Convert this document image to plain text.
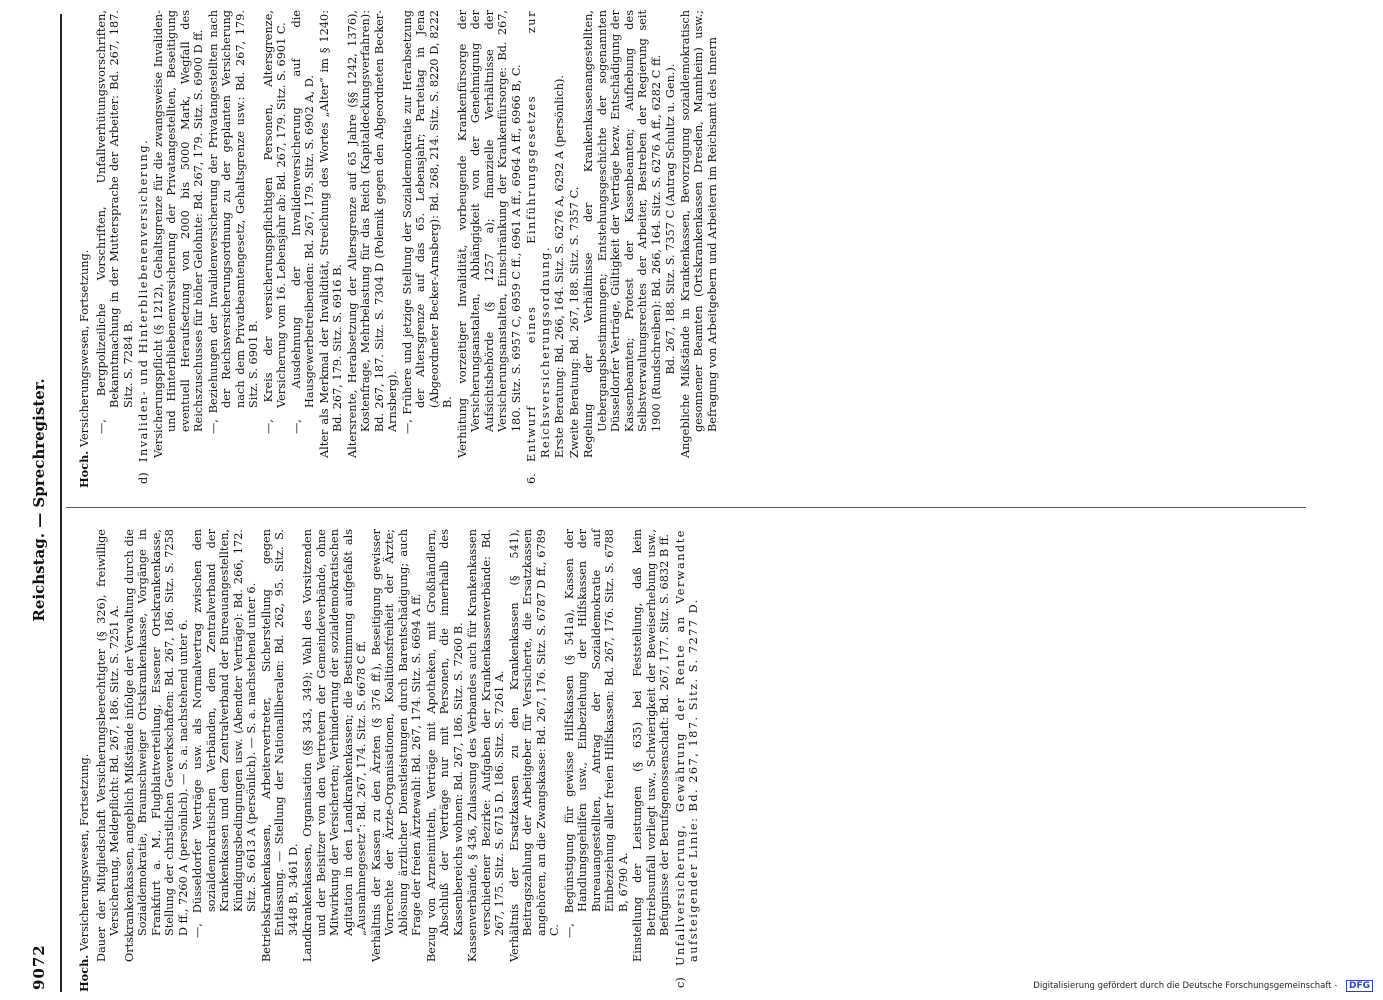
9072
Reichstag. — Sprechregister.
Hoch. Versicherungswesen, Fortsetzung. Dauer der Mitgliedschaft Versicherungsberechtigter (§ 326), freiwillige Versicherung, Meldepflicht: Bd. 267, 186. Sitz. S. 7251 A. Ortskrankenkassen, angeblich Mißstände infolge der Verwaltung durch die Sozialdemokratie, Braunschweiger Ortskrankenkasse, Vorgänge in Frankfurt a. M., Flugblattverteilung, Essener Ortskrankenkasse, Stellung der christlichen Gewerkschaften: Bd. 267, 186. Sitz. S. 7258 D ff., 7260 A (persönlich). — S. a. nachstehend unter 6. —, Düsseldorfer Verträge usw. als Normalvertrag zwischen den sozialdemokratischen Verbänden, dem Zentralverband der Krankenkassen und dem Zentralverband der Bureauangestellten, Kündigungsbedingungen usw. (Abendter Verträge): Bd. 266, 172. Sitz. S. 6613 A (persönlich). — S. a. nachstehend unter 6. Betriebskrankenkassen, Arbeitervertreter, Sicherstellung gegen Entlassung. — Stellung der Nationalliberalen: Bd. 262, 95. Sitz. S. 3448 B, 3461 D. Landkrankenkassen, Organisation (§§ 343, 349); Wahl des Vorsitzenden und der Beisitzer von den Vertretern der Gemeindeverbände, ohne Mitwirkung der Versicherten; Verhinderung der sozialdemokratischen Agitation in den Landkrankenkassen; die Bestimmung aufgefaßt als „Ausnahmegesetz“: Bd. 267, 174. Sitz. S. 6678 C ff. Verhältnis der Kassen zu den Ärzten (§ 376 ff.), Beseitigung gewisser Vorrechte der Ärzte-Organisationen, Koalitionsfreiheit der Ärzte; Ablösung ärztlicher Dienstleistungen durch Barentschädigung; auch Frage der freien Ärztewahl: Bd. 267, 174. Sitz. S. 6694 A ff. Bezug von Arzneimitteln, Verträge mit Apotheken, mit Großhändlern, Abschluß der Verträge nur mit Personen, die innerhalb des Kassenbereichs wohnen: Bd. 267, 186. Sitz. S. 7260 B. Kassenverbände, § 436, Zulassung des Verbandes auch für Krankenkassen verschiedener Bezirke: Aufgaben der Krankenkassenverbände: Bd. 267, 175. Sitz. S. 6715 D. 186. Sitz. S. 7261 A. Verhältnis der Ersatzkassen zu den Krankenkassen (§ 541), Beitragszahlung der Arbeitgeber für Versicherte, die Ersatzkassen angehören, an die Zwangskasse: Bd. 267, 176. Sitz. S. 6787 D ff., 6789 C. —, Begünstigung für gewisse Hilfskassen (§ 541a), Kassen der Handlungsgehilfen usw., Einbeziehung der Hilfskassen der Bureauangestellten, Antrag der Sozialdemokratie auf Einbeziehung aller freien Hilfskassen: Bd. 267, 176. Sitz. S. 6788 B, 6790 A. Einstellung der Leistungen (§ 635) bei Feststellung, daß kein Betriebsunfall vorliegt usw., Schwierigkeit der Beweiserhebung usw., Befugnisse der Berufsgenossenschaft: Bd. 267, 177. Sitz. S. 6832 B ff.
c)Unfallversicherung, Gewährung der Rente an Verwandte aufsteigender Linie: Bd. 267, 187. Sitz. S. 7277 D.
Hoch. Versicherungswesen, Fortsetzung. —, Bergpolizeiliche Vorschriften, Unfallverhütungsvorschriften, Bekanntmachung in der Muttersprache der Arbeiter: Bd. 267, 187. Sitz. S. 7284 B.
d)Invaliden- und Hinterbliebenenversicherung. Versicherungspflicht (§ 1212), Gehaltsgrenze für die zwangsweise Invaliden- und Hinterbliebenenversicherung der Privatangestellten, Beseitigung eventuell Heraufsetzung von 2000 bis 5000 Mark, Wegfall des Reichszuschusses für höher Gelohnte: Bd. 267, 179. Sitz. S. 6900 D ff. —, Beziehungen der Invalidenversicherung der Privatangestellten nach der Reichsversicherungsordnung zu der geplanten Versicherung nach dem Privatbeamtengesetz, Gehaltsgrenze usw.: Bd. 267, 179. Sitz. S. 6901 B. —, Kreis der versicherungspflichtigen Personen, Altersgrenze, Versicherung vom 16. Lebensjahr ab: Bd. 267, 179. Sitz. S. 6901 C. —, Ausdehnung der Invalidenversicherung auf die Hausgewerbetreibenden: Bd. 267, 179. Sitz. S. 6902 A, D. Alter als Merkmal der Invalidität, Streichung des Wortes „Alter“ im § 1240: Bd. 267, 179. Sitz. S. 6916 B. Altersrente, Herabsetzung der Altersgrenze auf 65 Jahre (§§ 1242, 1376), Kostenfrage, Mehrbelastung für das Reich (Kapitaldeckungsverfahren): Bd. 267, 187. Sitz. S. 7304 D (Polemik gegen den Abgeordneten Becker-Arnsberg). —, Frühere und jetzige Stellung der Sozialdemokratie zur Herabsetzung der Altersgrenze auf das 65. Lebensjahr; Parteitag in Jena (Abgeordneter Becker-Arnsberg): Bd. 268, 214. Sitz. S. 8220 D, 8222 B. Verhütung vorzeitiger Invalidität, vorbeugende Krankenfürsorge der Versicherungsanstalten, Abhängigkeit von der Genehmigung der Aufsichtsbehörde (§ 1257 a); finanzielle Verhältnisse der Versicherungsanstalten, Einschränkung der Krankenfürsorge: Bd. 267, 180. Sitz. S. 6957 C, 6959 C ff., 6961 A ff., 6964 A ff., 6966 B, C.
6.Entwurf eines Einführungsgesetzes zur Reichsversicherungsordnung. Erste Beratung: Bd. 266, 164. Sitz. S. 6276 A, 6292 A (persönlich). Zweite Beratung: Bd. 267, 188. Sitz. S. 7357 C. Regelung der Verhältnisse der Krankenkassenangestellten, Uebergangsbestimmungen; Entstehungsgeschichte der sogenannten Düsseldorfer Verträge, Gültigkeit der Verträge bezw. Entschädigung der Kassenbeamten; Protest der Kassenbeamten; Aufhebung des Selbstverwaltungsrechtes der Arbeiter, Bestreben der Regierung seit 1900 (Rundschreiben): Bd. 266, 164. Sitz. S. 6276 A ff., 6282 C ff. Bd. 267, 188. Sitz. S. 7357 C (Antrag Schultz u. Gen.). Angebliche Mißstände in Krankenkassen, Bevorzugung sozialdemokratisch gesonnener Beamten (Ortskrankenkassen Dresden, Mannheim) usw.; Befragung von Arbeitgebern und Arbeitern im Reichsamt des Innern
Digitalisierung gefördert durch die Deutsche Forschungsgemeinschaft - DFG
